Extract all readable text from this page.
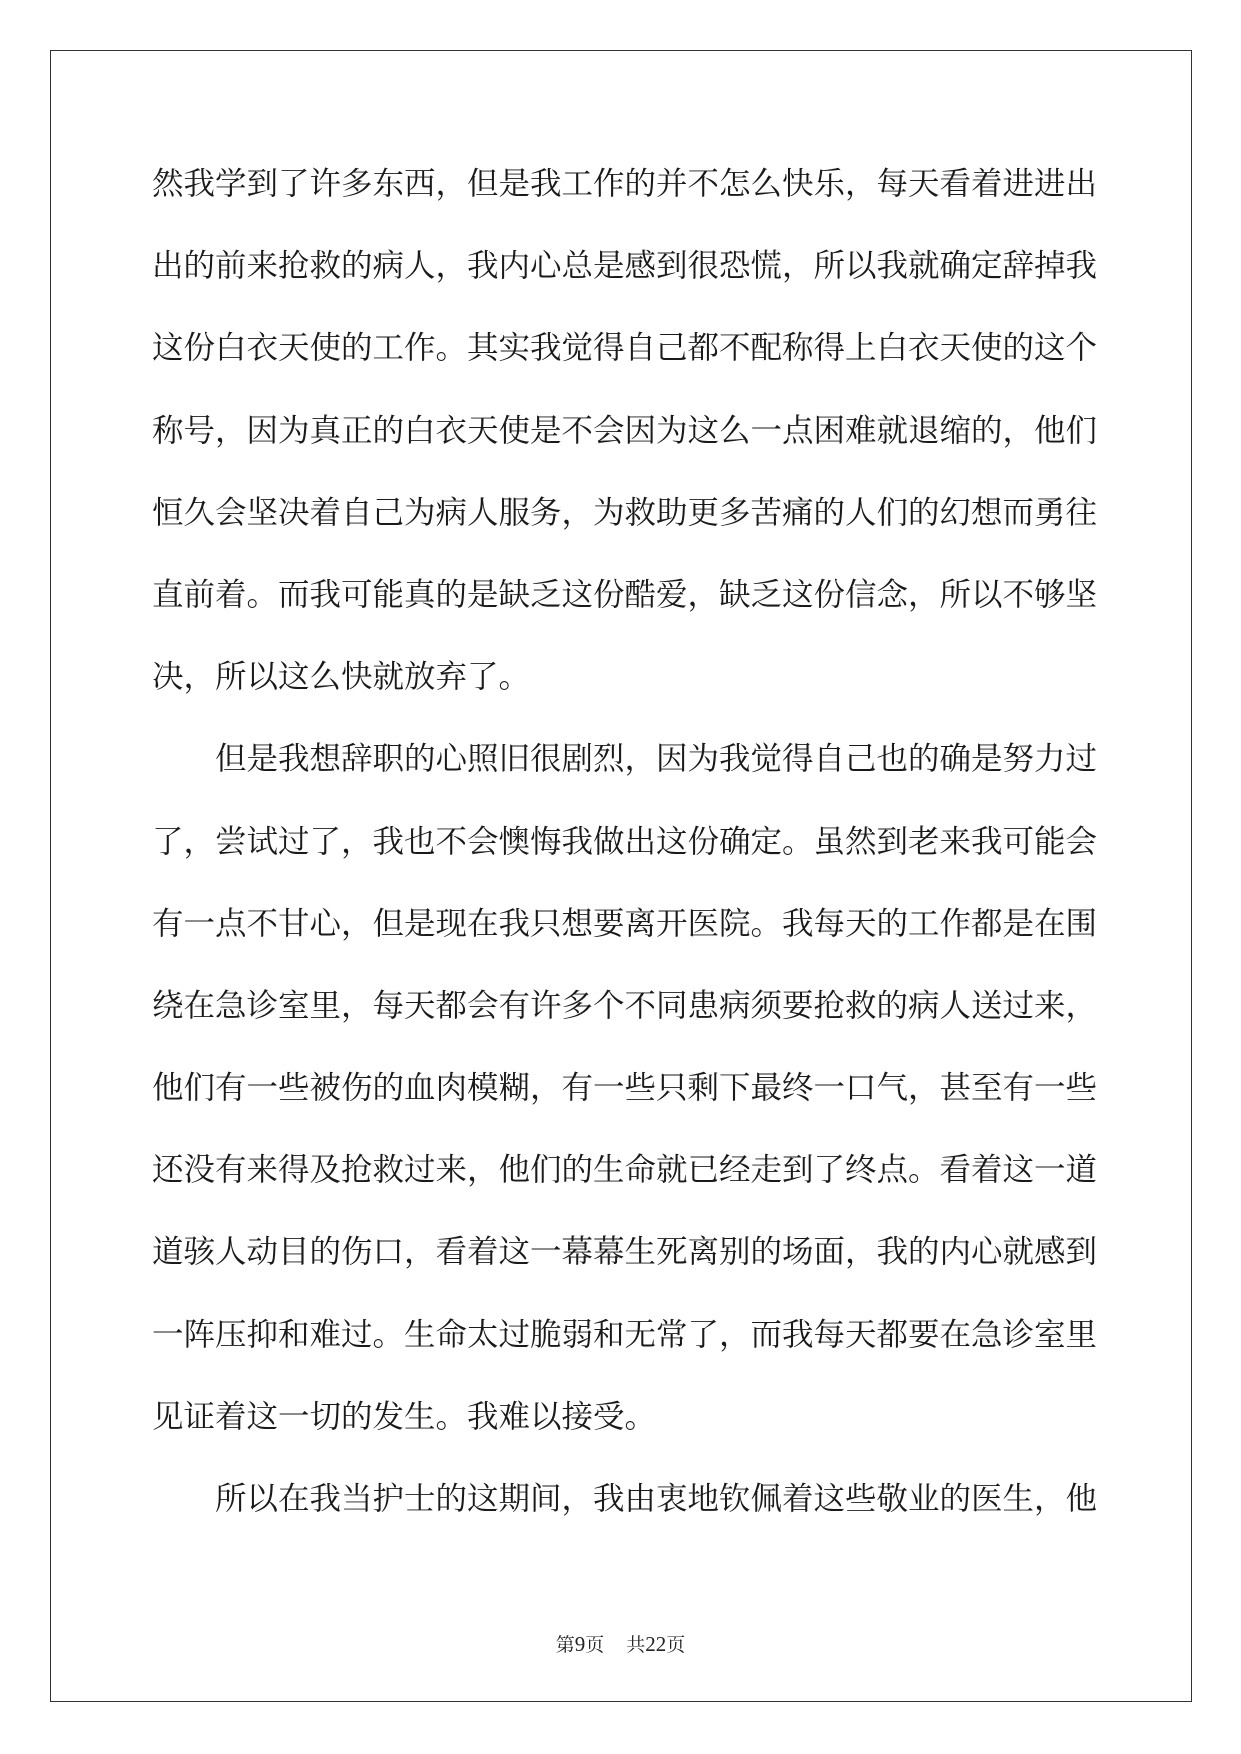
然我学到了许多东西，但是我工作的并不怎么快乐，每天看着进进出
出的前来抢救的病人，我内心总是感到很恐慌，所以我就确定辞掉我
这份白衣天使的工作。其实我觉得自己都不配称得上白衣天使的这个
称号，因为真正的白衣天使是不会因为这么一点困难就退缩的，他们
恒久会坚决着自己为病人服务，为救助更多苦痛的人们的幻想而勇往
直前着。而我可能真的是缺乏这份酷爱，缺乏这份信念，所以不够坚
决，所以这么快就放弃了。
但是我想辞职的心照旧很剧烈，因为我觉得自己也的确是努力过
了，尝试过了，我也不会懊悔我做出这份确定。虽然到老来我可能会
有一点不甘心，但是现在我只想要离开医院。我每天的工作都是在围
绕在急诊室里，每天都会有许多个不同患病须要抢救的病人送过来，
他们有一些被伤的血肉模糊，有一些只剩下最终一口气，甚至有一些
还没有来得及抢救过来，他们的生命就已经走到了终点。看着这一道
道骇人动目的伤口，看着这一幕幕生死离别的场面，我的内心就感到
一阵压抑和难过。生命太过脆弱和无常了，而我每天都要在急诊室里
见证着这一切的发生。我难以接受。
所以在我当护士的这期间，我由衷地钦佩着这些敬业的医生，他
第9页 共22页
